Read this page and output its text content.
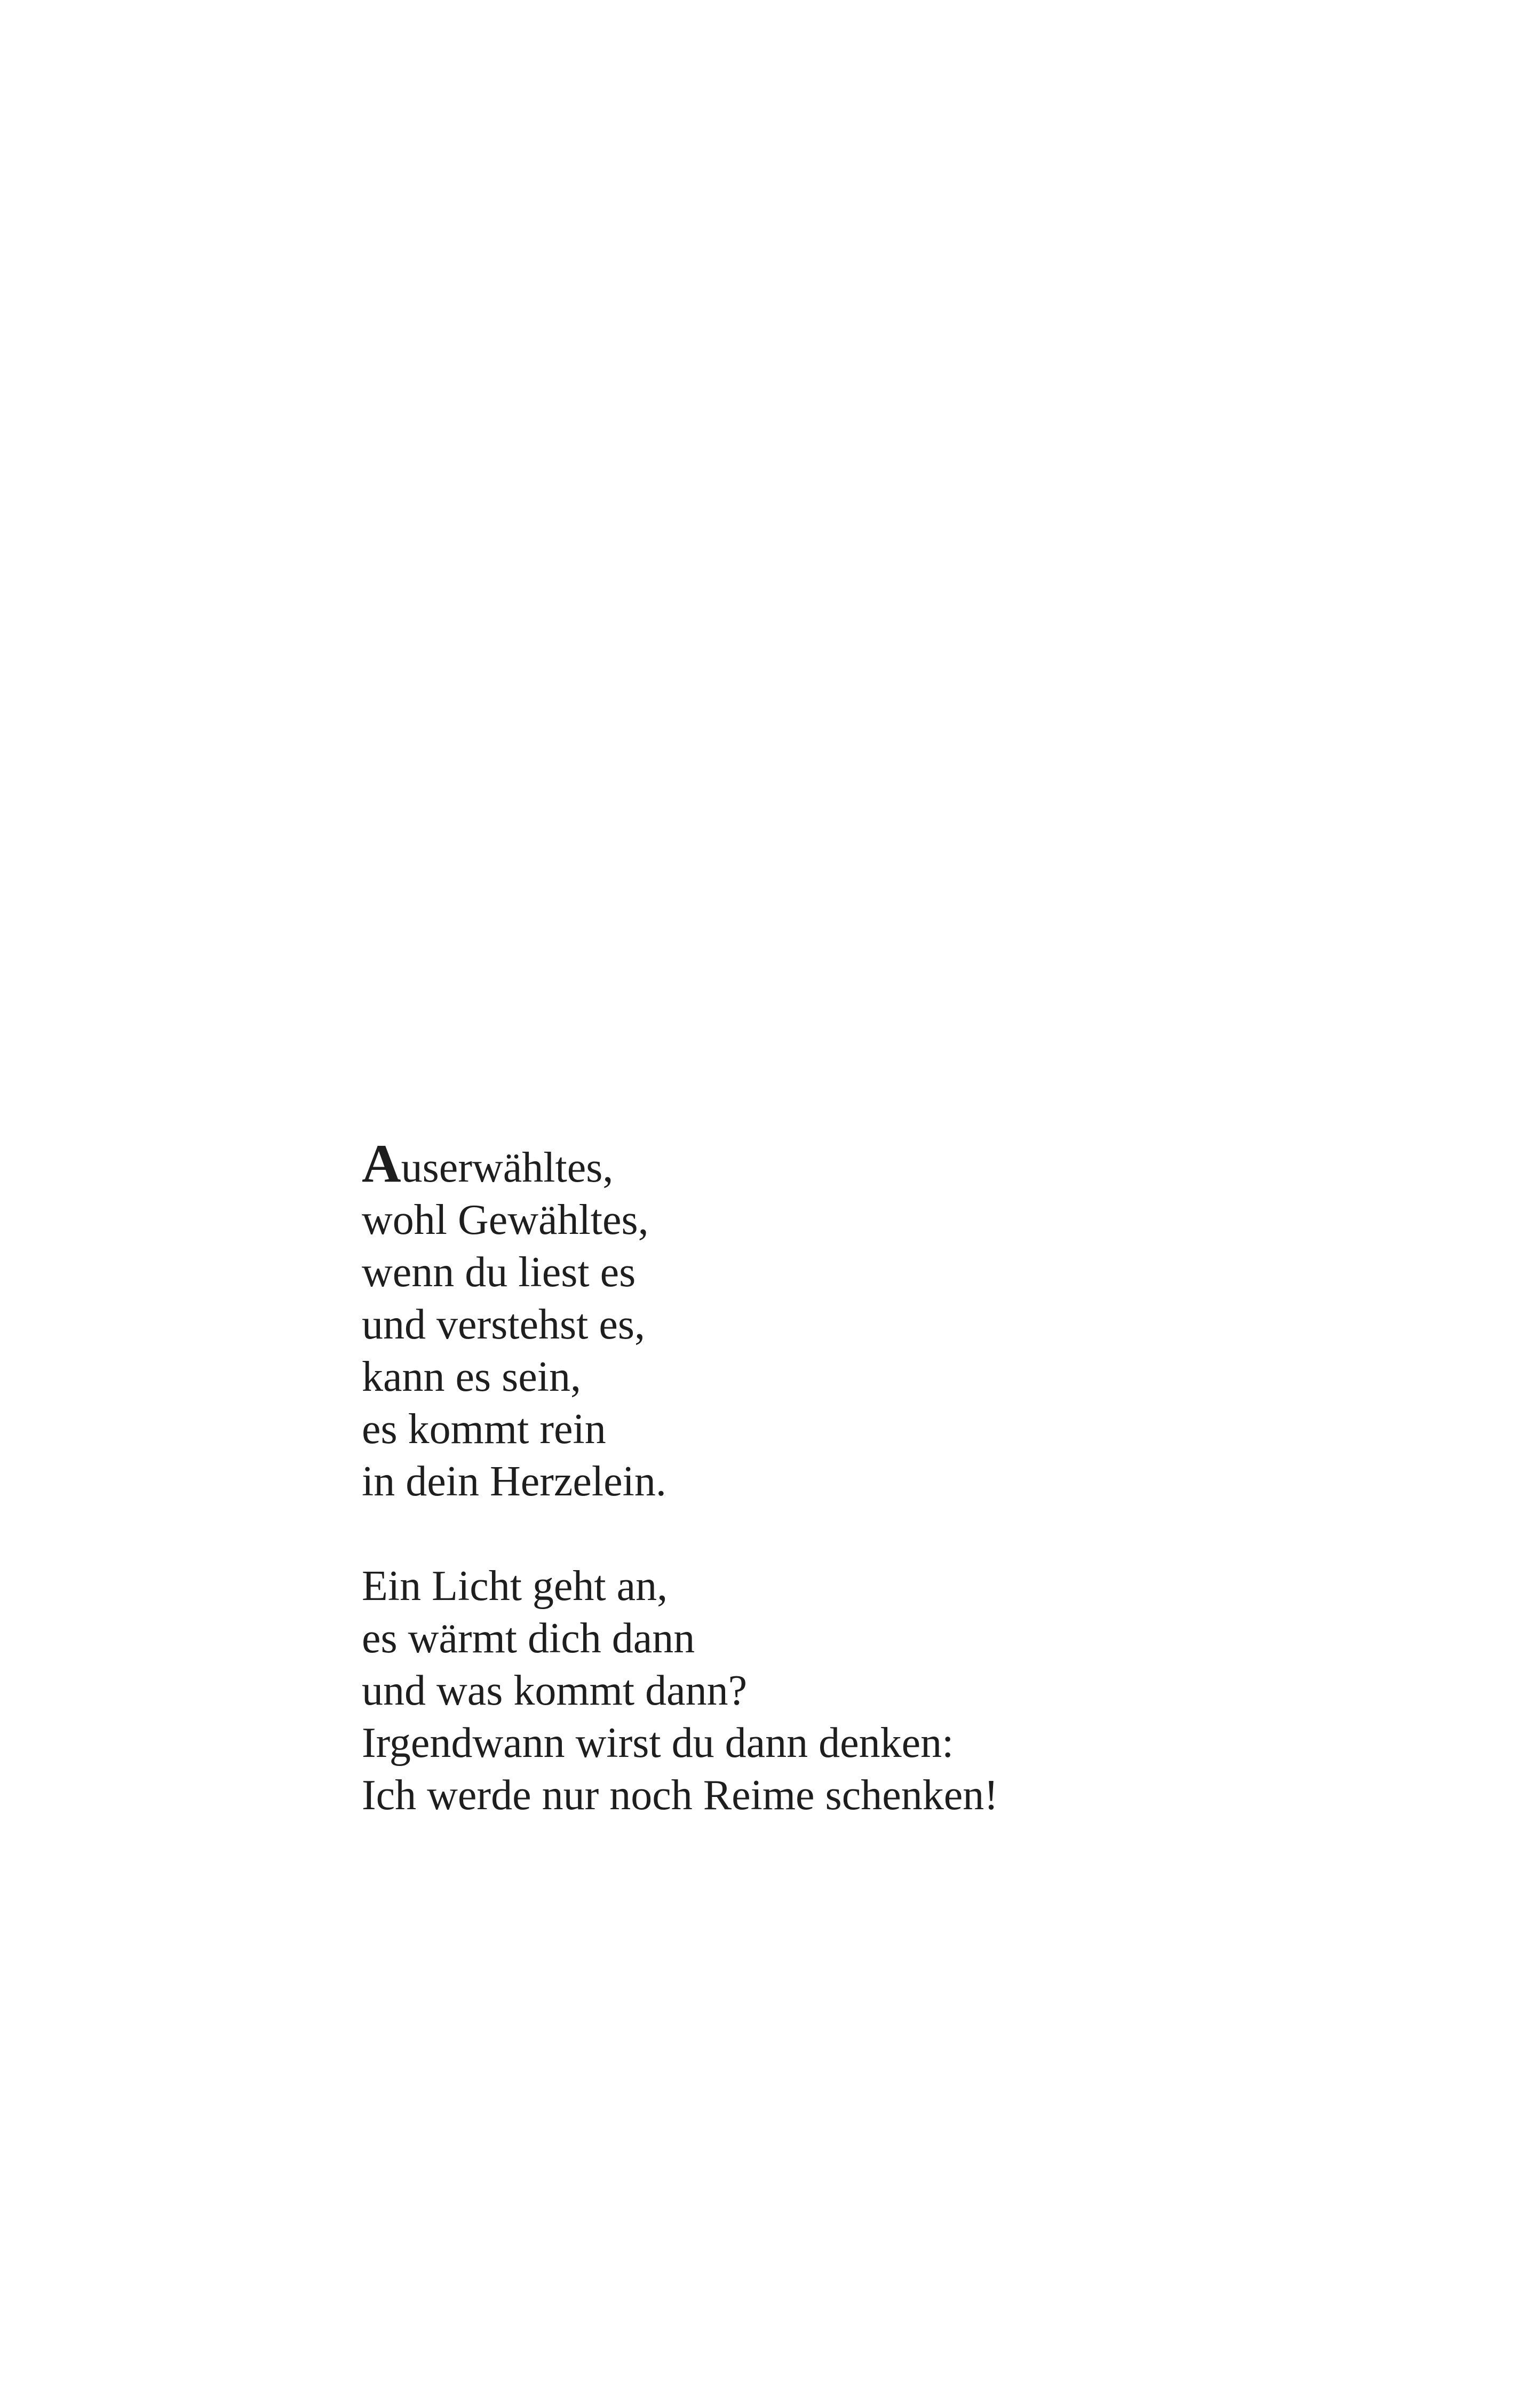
Auserwähltes,
wohl Gewähltes,
wenn du liest es
und verstehst es,
kann es sein,
es kommt rein
in dein Herzelein.

Ein Licht geht an,
es wärmt dich dann
und was kommt dann?
Irgendwann wirst du dann denken:
Ich werde nur noch Reime schenken!
